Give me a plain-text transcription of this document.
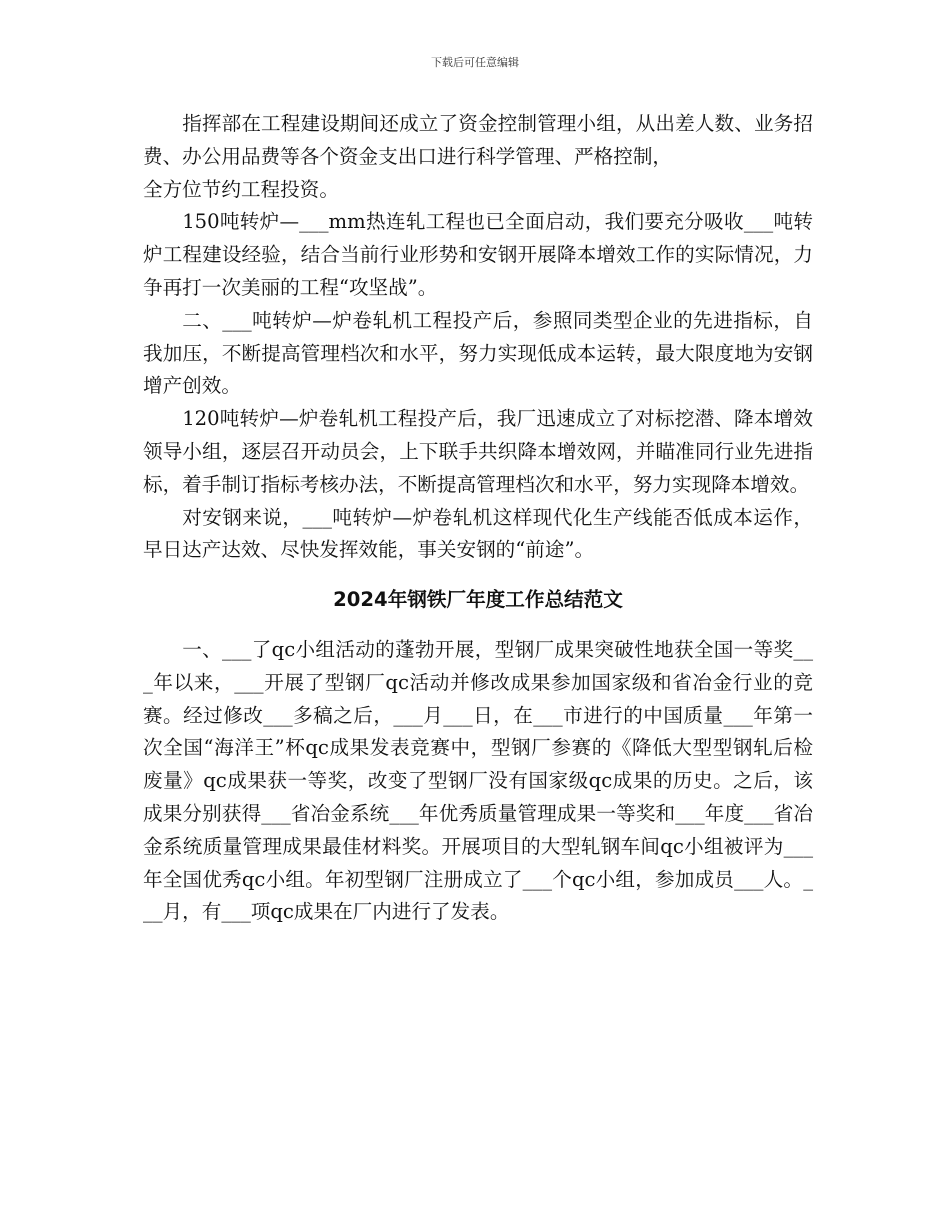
下载后可任意编辑

指挥部在工程建设期间还成立了资金控制管理小组，从出差人数、业务招费、办公用品费等各个资金支出口进行科学管理、严格控制，

全方位节约工程投资。

150吨转炉—___mm热连轧工程也已全面启动，我们要充分吸收___吨转炉工程建设经验，结合当前行业形势和安钢开展降本增效工作的实际情况，力争再打一次美丽的工程“攻坚战”。

二、___吨转炉—炉卷轧机工程投产后，参照同类型企业的先进指标，自我加压，不断提高管理档次和水平，努力实现低成本运转，最大限度地为安钢增产创效。

120吨转炉—炉卷轧机工程投产后，我厂迅速成立了对标挖潜、降本增效领导小组，逐层召开动员会，上下联手共织降本增效网，并瞄准同行业先进指标，着手制订指标考核办法，不断提高管理档次和水平，努力实现降本增效。

对安钢来说，___吨转炉—炉卷轧机这样现代化生产线能否低成本运作，早日达产达效、尽快发挥效能，事关安钢的“前途”。

2024年钢铁厂年度工作总结范文

一、___了qc小组活动的蓬勃开展，型钢厂成果突破性地获全国一等奖___年以来，___开展了型钢厂qc活动并修改成果参加国家级和省冶金行业的竞赛。经过修改___多稿之后，___月___日，在___市进行的中国质量___年第一次全国“海洋王”杯qc成果发表竞赛中，型钢厂参赛的《降低大型型钢轧后检废量》qc成果获一等奖，改变了型钢厂没有国家级qc成果的历史。之后，该成果分别获得___省冶金系统___年优秀质量管理成果一等奖和___年度___省冶金系统质量管理成果最佳材料奖。开展项目的大型轧钢车间qc小组被评为___年全国优秀qc小组。年初型钢厂注册成立了___个qc小组，参加成员___人。___月，有___项qc成果在厂内进行了发表。
